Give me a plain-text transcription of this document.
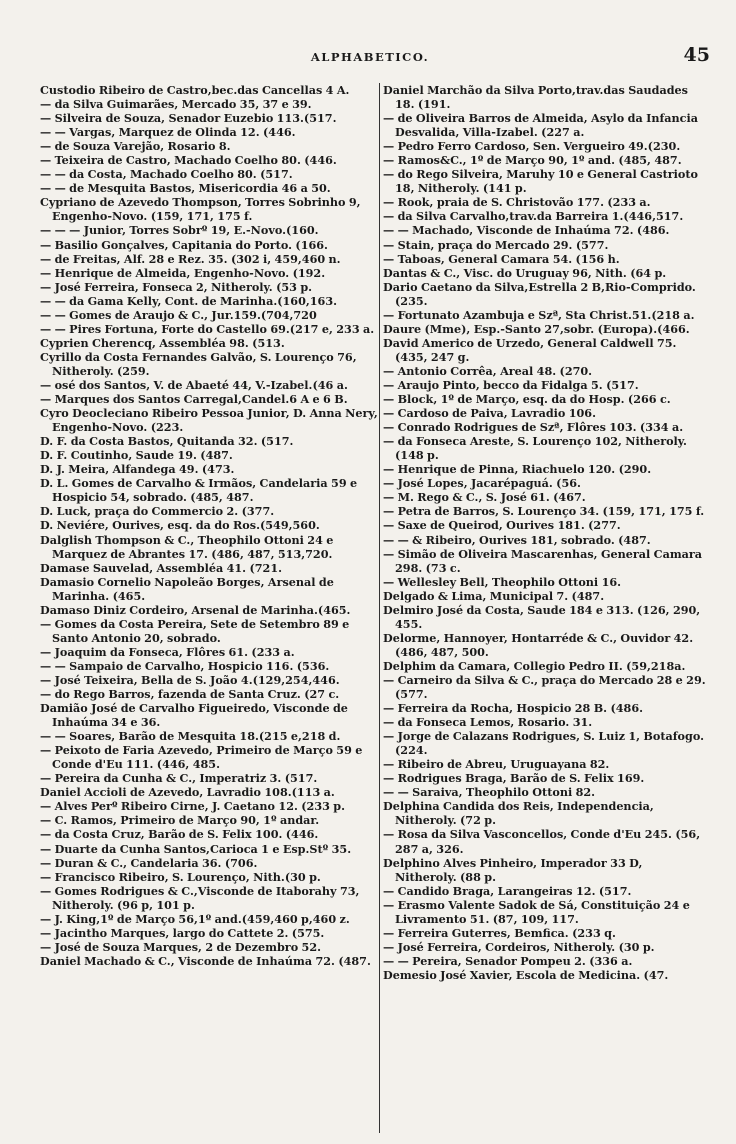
ALPHABETICO.	45

Custodio Ribeiro de Castro,bec.das Cancellas 4 A.

— da Silva Guimarães, Mercado 35, 37 e 39.

— Silveira de Souza, Senador Euzebio 113.(517.

— — Vargas, Marquez de Olinda 12. (446.

— de Souza Varejão, Rosario 8.

— Teixeira de Castro, Machado Coelho 80. (446.

— — da Costa, Machado Coelho 80. (517.

— — de Mesquita Bastos, Misericordia 46 a 50.

Cypriano de Azevedo Thompson, Torres Sobrinho 9, Engenho-Novo. (159, 171, 175 f.

— — — Junior, Torres Sobrº 19, E.-Novo.(160.

— Basilio Gonçalves, Capitania do Porto. (166.

— de Freitas, Alf. 28 e Rez. 35. (302 i, 459,460 n.

— Henrique de Almeida, Engenho-Novo. (192.

— José Ferreira, Fonseca 2, Nitheroly. (53 p.

— — da Gama Kelly, Cont. de Marinha.(160,163.

— — Gomes de Araujo & C., Jur.159.(704,720

— — Pires Fortuna, Forte do Castello 69.(217 e, 233 a.

Cyprien Cherencq, Assembléa 98. (513.

Cyrillo da Costa Fernandes Galvão, S. Lourenço 76, Nitheroly. (259.

— osé dos Santos, V. de Abaeté 44, V.-Izabel.(46 a.

— Marques dos Santos Carregal,Candel.6 A e 6 B.

Cyro Deocleciano Ribeiro Pessoa Junior, D. Anna Nery, Engenho-Novo. (223.

D. F. da Costa Bastos, Quitanda 32. (517.

D. F. Coutinho, Saude 19. (487.

D. J. Meira, Alfandega 49. (473.

D. L. Gomes de Carvalho & Irmãos, Candelaria 59 e Hospicio 54, sobrado. (485, 487.

D. Luck, praça do Commercio 2. (377.

D. Neviére, Ourives, esq. da do Ros.(549,560.

Dalglish Thompson & C., Theophilo Ottoni 24 e Marquez de Abrantes 17. (486, 487, 513,720.

Damase Sauvelad, Assembléa 41. (721.

Damasio Cornelio Napoleão Borges, Arsenal de Marinha. (465.

Damaso Diniz Cordeiro, Arsenal de Marinha.(465.

— Gomes da Costa Pereira, Sete de Setembro 89 e Santo Antonio 20, sobrado.

— Joaquim da Fonseca, Flôres 61. (233 a.

— — Sampaio de Carvalho, Hospicio 116. (536.

— José Teixeira, Bella de S. João 4.(129,254,446.

— do Rego Barros, fazenda de Santa Cruz. (27 c.

Damião José de Carvalho Figueiredo, Visconde de Inhaúma 34 e 36.

— — Soares, Barão de Mesquita 18.(215 e,218 d.

— Peixoto de Faria Azevedo, Primeiro de Março 59 e Conde d'Eu 111. (446, 485.

— Pereira da Cunha & C., Imperatriz 3. (517.

Daniel Accioli de Azevedo, Lavradio 108.(113 a.

— Alves Perº Ribeiro Cirne, J. Caetano 12. (233 p.

— C. Ramos, Primeiro de Março 90, 1º andar.

— da Costa Cruz, Barão de S. Felix 100. (446.

— Duarte da Cunha Santos,Carioca 1 e Esp.Stº 35.

— Duran & C., Candelaria 36. (706.

— Francisco Ribeiro, S. Lourenço, Nith.(30 p.

— Gomes Rodrigues & C.,Visconde de Itaborahy 73, Nitheroly. (96 p, 101 p.

— J. King,1º de Março 56,1º and.(459,460 p,460 z.

— Jacintho Marques, largo do Cattete 2. (575.

— José de Souza Marques, 2 de Dezembro 52.

Daniel Machado & C., Visconde de Inhaúma 72. (487.

Daniel Marchão da Silva Porto,trav.das Saudades 18. (191.

— de Oliveira Barros de Almeida, Asylo da Infancia Desvalida, Villa-Izabel. (227 a.

— Pedro Ferro Cardoso, Sen. Vergueiro 49.(230.

— Ramos&C., 1º de Março 90, 1º and. (485, 487.

— do Rego Silveira, Maruhy 10 e General Castrioto 18, Nitheroly. (141 p.

— Rook, praia de S. Christovão 177. (233 a.

— da Silva Carvalho,trav.da Barreira 1.(446,517.

— — Machado, Visconde de Inhaúma 72. (486.

— Stain, praça do Mercado 29. (577.

— Taboas, General Camara 54. (156 h.

Dantas & C., Visc. do Uruguay 96, Nith. (64 p.

Dario Caetano da Silva,Estrella 2 B,Rio-Comprido. (235.

— Fortunato Azambuja e Szª, Sta Christ.51.(218 a.

Daure (Mme), Esp.-Santo 27,sobr. (Europa).(466.

David Americo de Urzedo, General Caldwell 75. (435, 247 g.

— Antonio Corrêa, Areal 48. (270.

— Araujo Pinto, becco da Fidalga 5. (517.

— Block, 1º de Março, esq. da do Hosp. (266 c.

— Cardoso de Paiva, Lavradio 106.

— Conrado Rodrigues de Szª, Flôres 103. (334 a.

— da Fonseca Areste, S. Lourenço 102, Nitheroly. (148 p.

— Henrique de Pinna, Riachuelo 120. (290.

— José Lopes, Jacarépaguá. (56.

— M. Rego & C., S. José 61. (467.

— Petra de Barros, S. Lourenço 34. (159, 171, 175 f.

— Saxe de Queirod, Ourives 181. (277.

— — & Ribeiro, Ourives 181, sobrado. (487.

— Simão de Oliveira Mascarenhas, General Camara 298. (73 c.

— Wellesley Bell, Theophilo Ottoni 16.

Delgado & Lima, Municipal 7. (487.

Delmiro José da Costa, Saude 184 e 313. (126, 290, 455.

Delorme, Hannoyer, Hontarréde & C., Ouvidor 42. (486, 487, 500.

Delphim da Camara, Collegio Pedro II. (59,218a.

— Carneiro da Silva & C., praça do Mercado 28 e 29. (577.

— Ferreira da Rocha, Hospicio 28 B. (486.

— da Fonseca Lemos, Rosario. 31.

— Jorge de Calazans Rodrigues, S. Luiz 1, Botafogo. (224.

— Ribeiro de Abreu, Uruguayana 82.

— Rodrigues Braga, Barão de S. Felix 169.

— — Saraiva, Theophilo Ottoni 82.

Delphina Candida dos Reis, Independencia, Nitheroly. (72 p.

— Rosa da Silva Vasconcellos, Conde d'Eu 245. (56, 287 a, 326.

Delphino Alves Pinheiro, Imperador 33 D, Nitheroly. (88 p.

— Candido Braga, Larangeiras 12. (517.

— Erasmo Valente Sadok de Sá, Constituição 24 e Livramento 51. (87, 109, 117.

— Ferreira Guterres, Bemfica. (233 q.

— José Ferreira, Cordeiros, Nitheroly. (30 p.

— — Pereira, Senador Pompeu 2. (336 a.

Demesio José Xavier, Escola de Medicina. (47.
